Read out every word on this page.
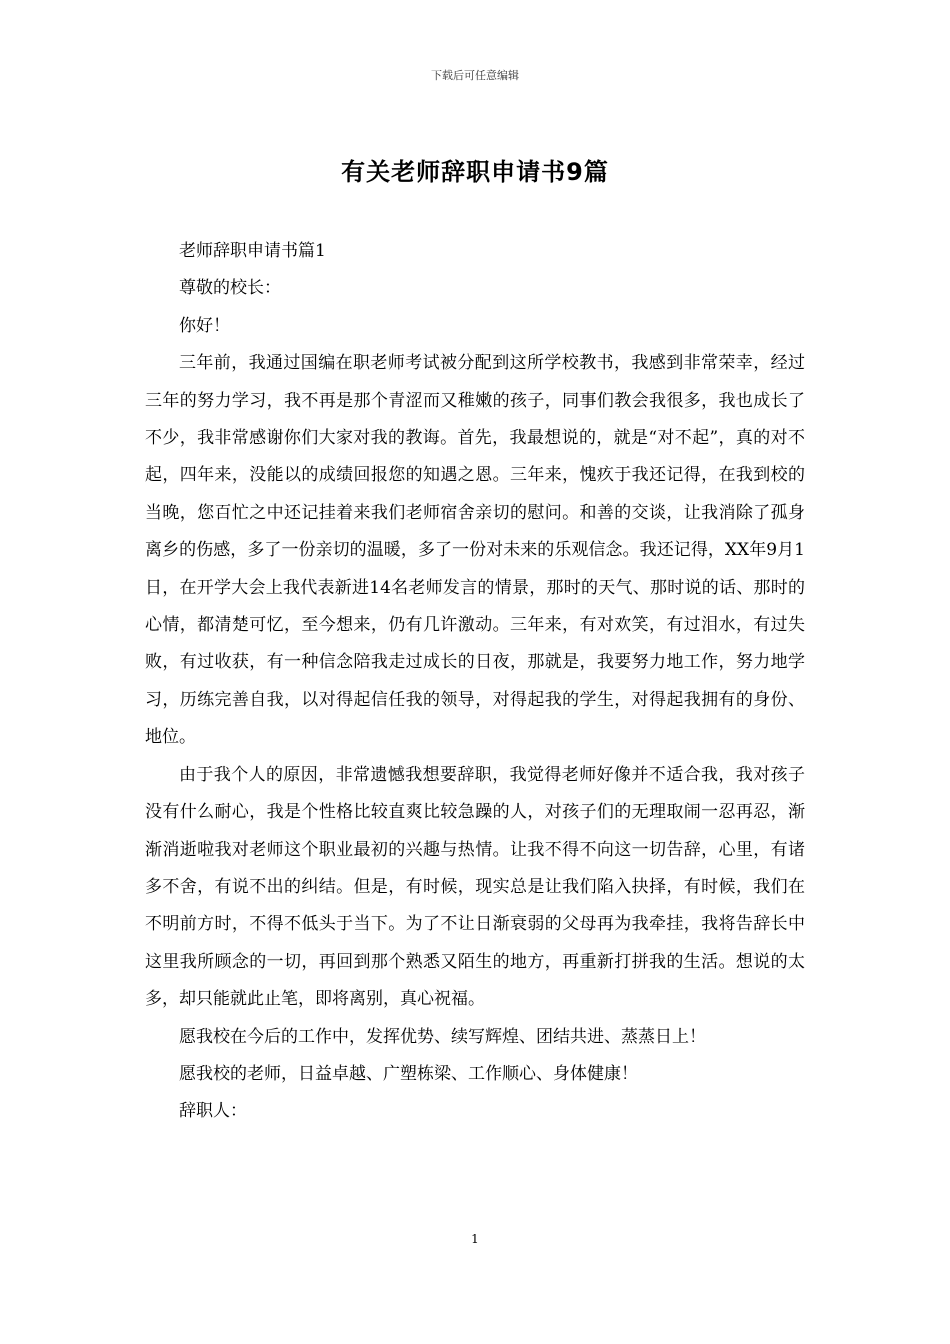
下载后可任意编辑
有关老师辞职申请书9篇

老师辞职申请书篇1

尊敬的校长：

你好！

三年前，我通过国编在职老师考试被分配到这所学校教书，我感到非常荣幸，经过三年的努力学习，我不再是那个青涩而又稚嫩的孩子，同事们教会我很多，我也成长了不少，我非常感谢你们大家对我的教诲。首先，我最想说的，就是“对不起”，真的对不起，四年来，没能以的成绩回报您的知遇之恩。三年来，愧疚于我还记得，在我到校的当晚，您百忙之中还记挂着来我们老师宿舍亲切的慰问。和善的交谈，让我消除了孤身离乡的伤感，多了一份亲切的温暖，多了一份对未来的乐观信念。我还记得，XX年9月1日，在开学大会上我代表新进14名老师发言的情景，那时的天气、那时说的话、那时的心情，都清楚可忆，至今想来，仍有几许激动。三年来，有对欢笑，有过泪水，有过失败，有过收获，有一种信念陪我走过成长的日夜，那就是，我要努力地工作，努力地学习，历练完善自我，以对得起信任我的领导，对得起我的学生，对得起我拥有的身份、地位。

由于我个人的原因，非常遗憾我想要辞职，我觉得老师好像并不适合我，我对孩子没有什么耐心，我是个性格比较直爽比较急躁的人，对孩子们的无理取闹一忍再忍，渐渐消逝啦我对老师这个职业最初的兴趣与热情。让我不得不向这一切告辞，心里，有诸多不舍，有说不出的纠结。但是，有时候，现实总是让我们陷入抉择，有时候，我们在不明前方时，不得不低头于当下。为了不让日渐衰弱的父母再为我牵挂，我将告辞长中这里我所顾念的一切，再回到那个熟悉又陌生的地方，再重新打拼我的生活。想说的太多，却只能就此止笔，即将离别，真心祝福。

愿我校在今后的工作中，发挥优势、续写辉煌、团结共进、蒸蒸日上！

愿我校的老师，日益卓越、广塑栋梁、工作顺心、身体健康！

辞职人：

1
